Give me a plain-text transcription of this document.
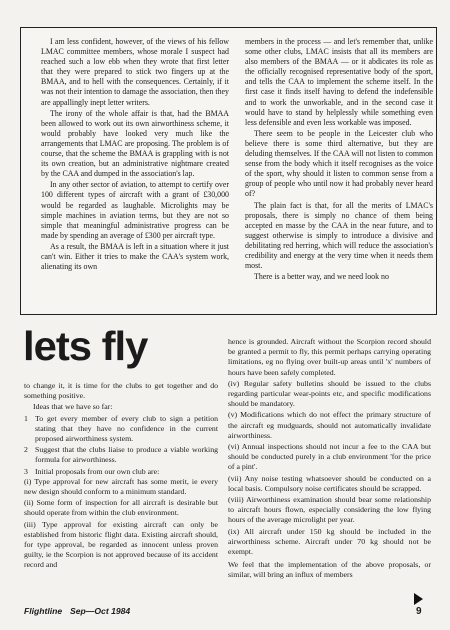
I am less confident, however, of the views of his fellow LMAC committee members, whose morale I suspect had reached such a low ebb when they wrote that first letter that they were prepared to stick two fingers up at the BMAA, and to hell with the consequences. Certainly, if it was not their intention to damage the association, then they are appallingly inept letter writers.

The irony of the whole affair is that, had the BMAA been allowed to work out its own airworthiness scheme, it would probably have looked very much like the arrangements that LMAC are proposing. The problem is of course, that the scheme the BMAA is grappling with is not its own creation, but an administrative nightmare created by the CAA and dumped in the association's lap.

In any other sector of aviation, to attempt to certify over 100 different types of aircraft with a grant of £30,000 would be regarded as laughable. Microlights may be simple machines in aviation terms, but they are not so simple that meaningful administrative progress can be made by spending an average of £300 per aircraft type.

As a result, the BMAA is left in a situation where it just can't win. Either it tries to make the CAA's system work, alienating its own

members in the process — and let's remember that, unlike some other clubs, LMAC insists that all its members are also members of the BMAA — or it abdicates its role as the officially recognised representative body of the sport, and tells the CAA to implement the scheme itself. In the first case it finds itself having to defend the indefensible and to work the unworkable, and in the second case it would have to stand by helplessly while something even less defensible and even less workable was imposed.

There seem to be people in the Leicester club who believe there is some third alternative, but they are deluding themselves. If the CAA will not listen to common sense from the body which it itself recognises as the voice of the sport, why should it listen to common sense from a group of people who until now it had probably never heard of?

The plain fact is that, for all the merits of LMAC's proposals, there is simply no chance of them being accepted en masse by the CAA in the near future, and to suggest otherwise is simply to introduce a divisive and debilitating red herring, which will reduce the association's credibility and energy at the very time when it needs them most.

There is a better way, and we need look no

lets fly

to change it, it is time for the clubs to get together and do something positive.

Ideas that we have so far:

1 To get every member of every club to sign a petition stating that they have no confidence in the current proposed airworthiness system.
2 Suggest that the clubs liaise to produce a viable working formula for airworthiness.
3 Initial proposals from our own club are:

(i) Type approval for new aircraft has some merit, ie every new design should conform to a minimum standard.

(ii) Some form of inspection for all aircraft is desirable but should operate from within the club environment.

(iii) Type approval for existing aircraft can only be established from historic flight data. Existing aircraft should, for type approval, be regarded as innocent unless proven guilty, ie the Scorpion is not approved because of its accident record and

hence is grounded. Aircraft without the Scorpion record should be granted a permit to fly, this permit perhaps carrying operating limitations, eg no flying over built-up areas until 'x' numbers of hours have been safely completed.

(iv) Regular safety bulletins should be issued to the clubs regarding particular wear-points etc, and specific modifications should be mandatory.

(v) Modifications which do not effect the primary structure of the aircraft eg mudguards, should not automatically invalidate airworthiness.

(vi) Annual inspections should not incur a fee to the CAA but should be conducted purely in a club environment 'for the price of a pint'.

(vii) Any noise testing whatsoever should be conducted on a local basis. Compulsory noise certificates should be scrapped.

(viii) Airworthiness examination should bear some relationship to aircraft hours flown, especially considering the low flying hours of the average microlight per year.

(ix) All aircraft under 150 kg should be included in the airworthiness scheme. Aircraft under 70 kg should not be exempt.

We feel that the implementation of the above proposals, or similar, will bring an influx of members

Flightline Sep—Oct 1984	9
